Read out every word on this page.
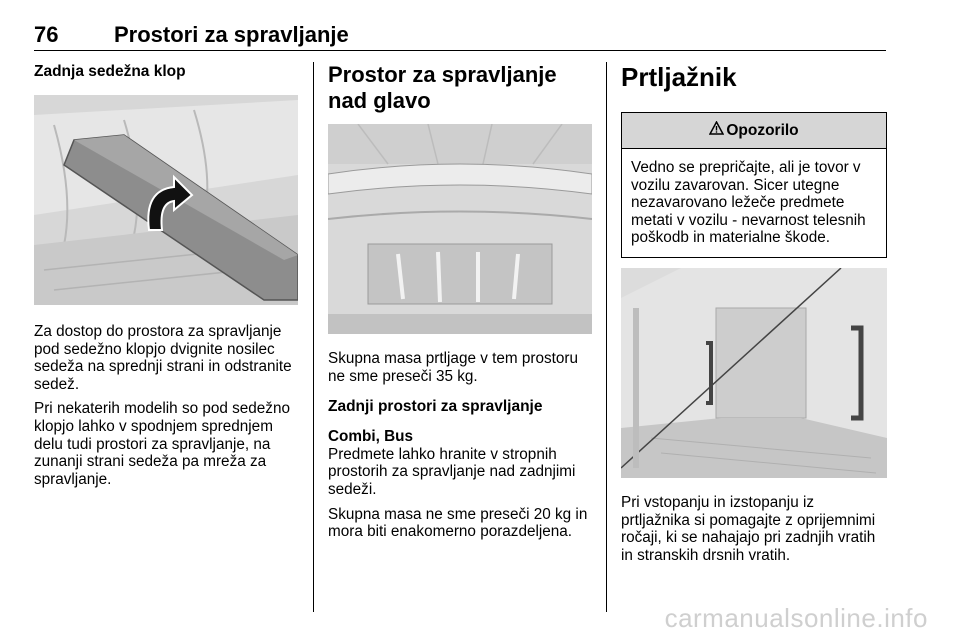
76	Prostori za spravljanje
Zadnja sedežna klop

Za dostop do prostora za spravljanje pod sedežno klopjo dvignite nosilec sedeža na sprednji strani in odstranite sedež.

Pri nekaterih modelih so pod sedežno klopjo lahko v spodnjem sprednjem delu tudi prostori za spravljanje, na zunanji strani sedeža pa mreža za spravljanje.

Prostor za spravljanje nad glavo

Skupna masa prtljage v tem prostoru ne sme preseči 35 kg.

Zadnji prostori za spravljanje

Combi, Bus

Predmete lahko hranite v stropnih prostorih za spravljanje nad zadnjimi sedeži.

Skupna masa ne sme preseči 20 kg in mora biti enakomerno porazdeljena.

Prtljažnik
Opozorilo
Vedno se prepričajte, ali je tovor v vozilu zavarovan. Sicer utegne nezavarovano ležeče predmete metati v vozilu - nevarnost telesnih poškodb in materialne škode.

Pri vstopanju in izstopanju iz prtljažnika si pomagajte z oprijemnimi ročaji, ki se nahajajo pri zadnjih vratih in stranskih drsnih vratih.

carmanualsonline.info
